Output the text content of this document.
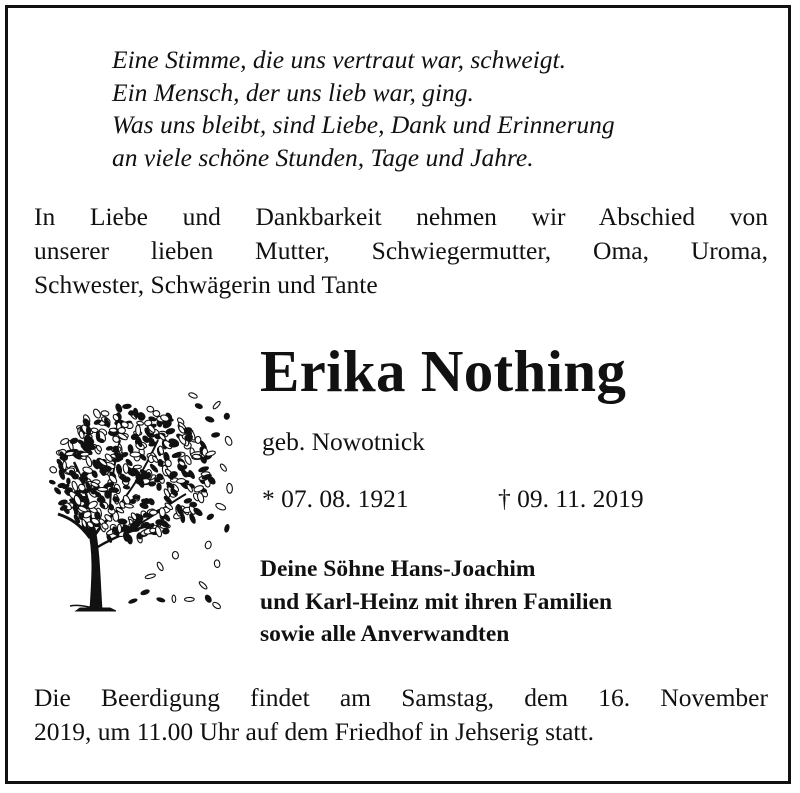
Eine Stimme, die uns vertraut war, schweigt.
Ein Mensch, der uns lieb war, ging.
Was uns bleibt, sind Liebe, Dank und Erinnerung
an viele schöne Stunden, Tage und Jahre.
In Liebe und Dankbarkeit nehmen wir Abschied von
unserer lieben Mutter, Schwiegermutter, Oma, Uroma,
Schwester, Schwägerin und Tante
Erika Nothing
geb. Nowotnick
* 07. 08. 1921	† 09. 11. 2019
Deine Söhne Hans-Joachim
und Karl-Heinz mit ihren Familien
sowie alle Anverwandten
Die Beerdigung findet am Samstag, dem 16. November
2019, um 11.00 Uhr auf dem Friedhof in Jehserig statt.
